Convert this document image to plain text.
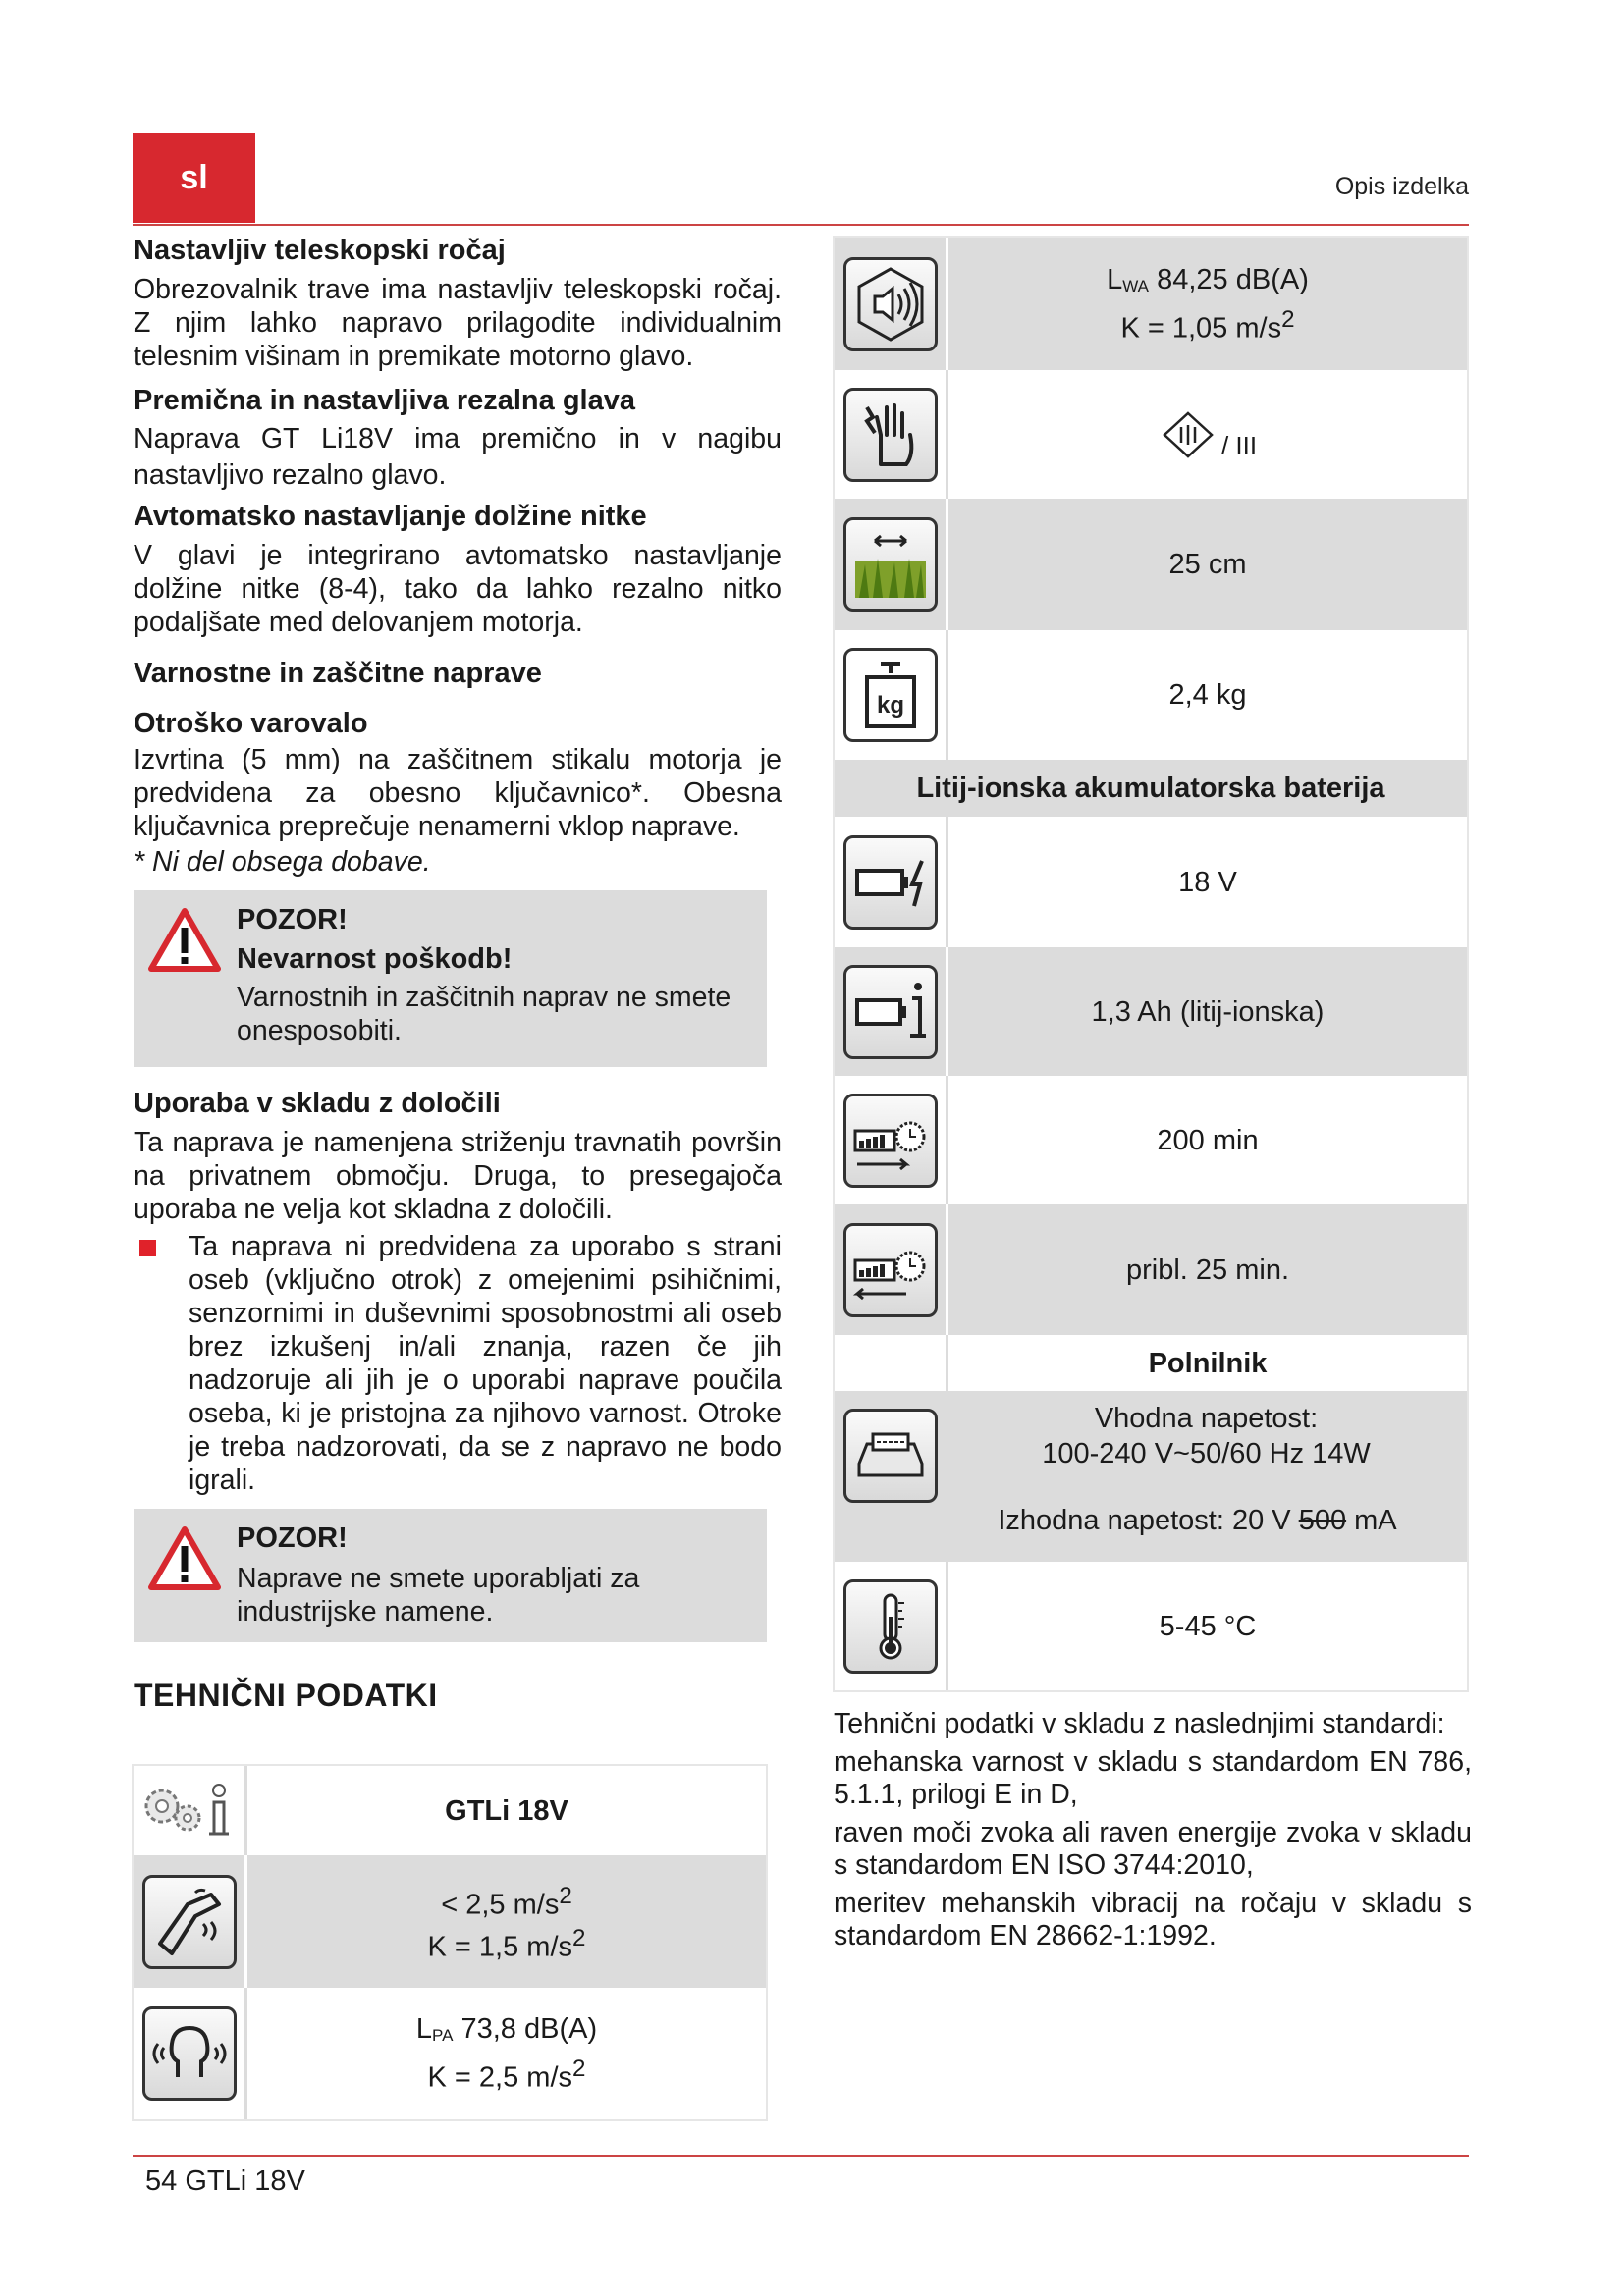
sl	Opis izdelka
Nastavljiv teleskopski ročaj
Obrezovalnik trave ima nastavljiv teleskopski ročaj. Z njim lahko napravo prilagodite individualnim telesnim višinam in premikate motorno glavo.
Premična in nastavljiva rezalna glava
Naprava GT Li18V ima premično in v nagibu nastavljivo rezalno glavo.
Avtomatsko nastavljanje dolžine nitke
V glavi je integrirano avtomatsko nastavljanje dolžine nitke (8-4), tako da lahko rezalno nitko podaljšate med delovanjem motorja.
Varnostne in zaščitne naprave
Otroško varovalo
Izvrtina (5 mm) na zaščitnem stikalu motorja je predvidena za obesno ključavnico*. Obesna ključavnica preprečuje nenamerni vklop naprave.
* Ni del obsega dobave.
POZOR!
Nevarnost poškodb!
Varnostnih in zaščitnih naprav ne smete onesposobiti.
Uporaba v skladu z določili
Ta naprava je namenjena striženju travnatih površin na privatnem območju. Druga, to presegajoča uporaba ne velja kot skladna z določili.
Ta naprava ni predvidena za uporabo s strani oseb (vključno otrok) z omejenimi psihičnimi, senzornimi in duševnimi sposobnostmi ali oseb brez izkušenj in/ali znanja, razen če jih nadzoruje ali jih je o uporabi naprave poučila oseba, ki je pristojna za njihovo varnost. Otroke je treba nadzorovati, da se z napravo ne bodo igrali.
POZOR!
Naprave ne smete uporabljati za industrijske namene.
TEHNIČNI PODATKI
GTLi 18V
< 2,5 $m/s^2$
K = 1,5 $m/s^2$
$L_{PA}$ 73,8 dB(A)
K = 2,5 $m/s^2$
$L_{WA}$ 84,25 dB(A)
K = 1,05 $m/s^2$
/ III
25 cm
kg	2,4 kg
Litij-ionska akumulatorska baterija
18 V
1,3 Ah (litij-ionska)
200 min
pribl. 25 min.
Polnilnik
Vhodna napetost:
100-240 V~50/60 Hz 14W
Izhodna napetost: 20 V 500 mA
5-45 °C

Tehnični podatki v skladu z naslednjimi standardi:

mehanska varnost v skladu s standardom EN 786, 5.1.1, prilogi E in D,

raven moči zvoka ali raven energije zvoka v skladu s standardom EN ISO 3744:2010,

meritev mehanskih vibracij na ročaju v skladu s standardom EN 28662-1:1992.

54 GTLi 18V
